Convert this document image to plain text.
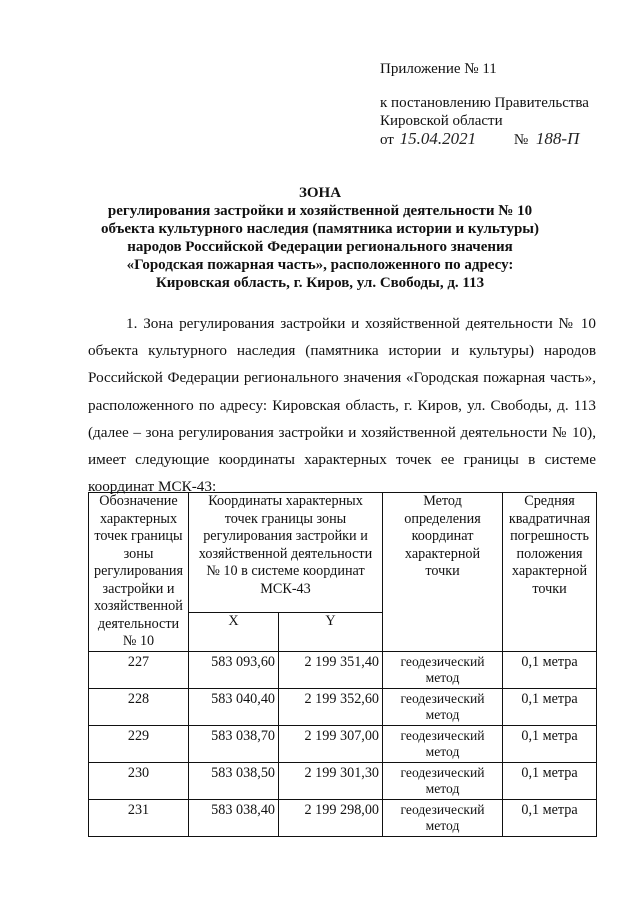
Приложение № 11
к постановлению Правительства
Кировской области
от 15.04.2021	№ 188-П
ЗОНА
регулирования застройки и хозяйственной деятельности № 10
объекта культурного наследия (памятника истории и культуры)
народов Российской Федерации регионального значения
«Городская пожарная часть», расположенного по адресу:
Кировская область, г. Киров, ул. Свободы, д. 113
1. Зона регулирования застройки и хозяйственной деятельности № 10 объекта культурного наследия (памятника истории и культуры) народов Российской Федерации регионального значения «Городская пожарная часть», расположенного по адресу: Кировская область, г. Киров, ул. Свободы, д. 113 (далее – зона регулирования застройки и хозяйственной деятельности № 10), имеет следующие координаты характерных точек ее границы в системе координат МСК-43:
Обозначение характерных точек границы зоны регулирования застройки и хозяйственной деятельности № 10	Координаты характерных точек границы зоны регулирования застройки и хозяйственной деятельности № 10 в системе координат МСК-43		Метод определения координат характерной точки	Средняя квадратичная погрешность положения характерной точки
	X	Y		
227	583 093,60	2 199 351,40	геодезический метод	0,1 метра
228	583 040,40	2 199 352,60	геодезический метод	0,1 метра
229	583 038,70	2 199 307,00	геодезический метод	0,1 метра
230	583 038,50	2 199 301,30	геодезический метод	0,1 метра
231	583 038,40	2 199 298,00	геодезический метод	0,1 метра
